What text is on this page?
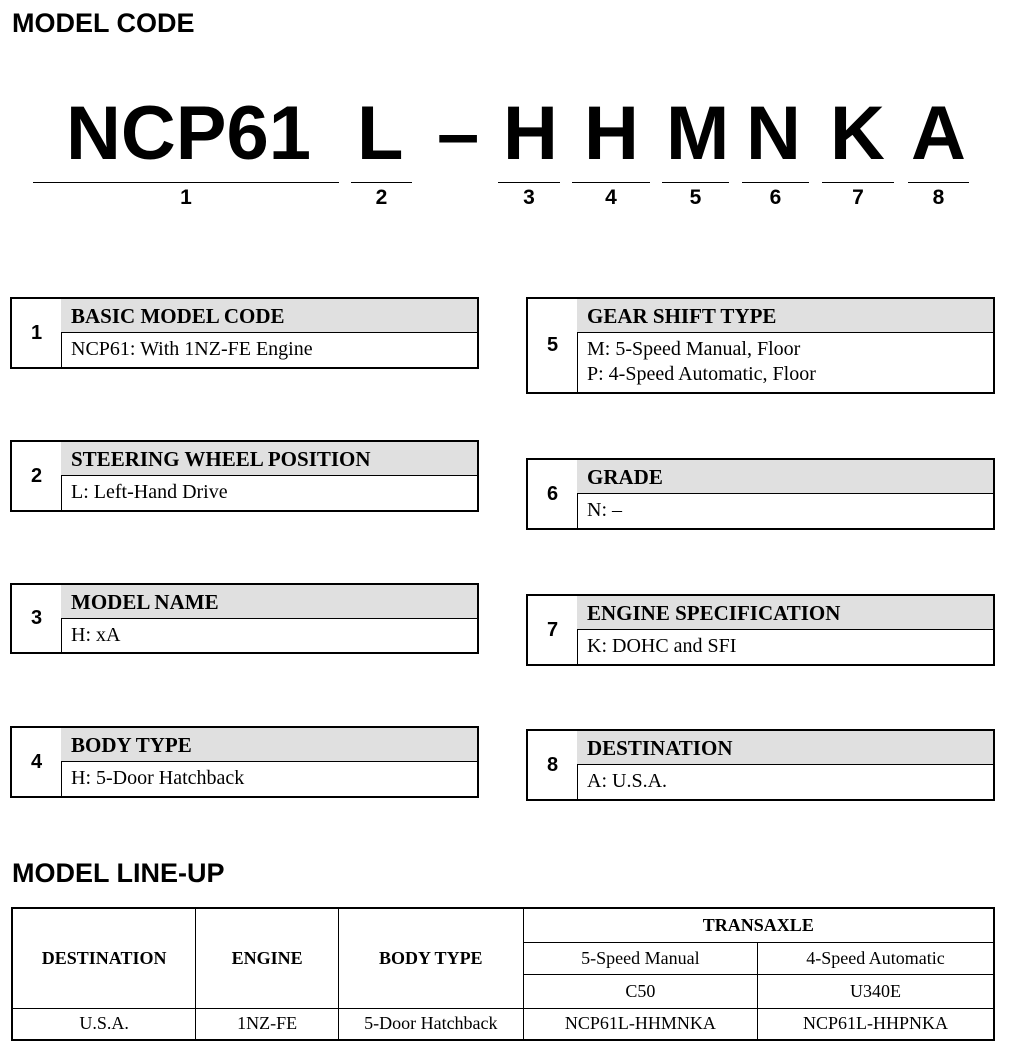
MODEL CODE
NCP61 L – H H M N K A
1	2	3	4	5	6	7	8
1
BASIC MODEL CODE
NCP61: With 1NZ-FE Engine
2
STEERING WHEEL POSITION
L: Left-Hand Drive
3
MODEL NAME
H: xA
4
BODY TYPE
H: 5-Door Hatchback
5
GEAR SHIFT TYPE
M: 5-Speed Manual, Floor
P: 4-Speed Automatic, Floor
6
GRADE
N: –
7
ENGINE SPECIFICATION
K: DOHC and SFI
8
DESTINATION
A: U.S.A.
MODEL LINE-UP
DESTINATION	ENGINE	BODY TYPE	TRANSAXLE	
			5-Speed Manual	4-Speed Automatic
			C50	U340E
U.S.A.	1NZ-FE	5-Door Hatchback	NCP61L-HHMNKA	NCP61L-HHPNKA
